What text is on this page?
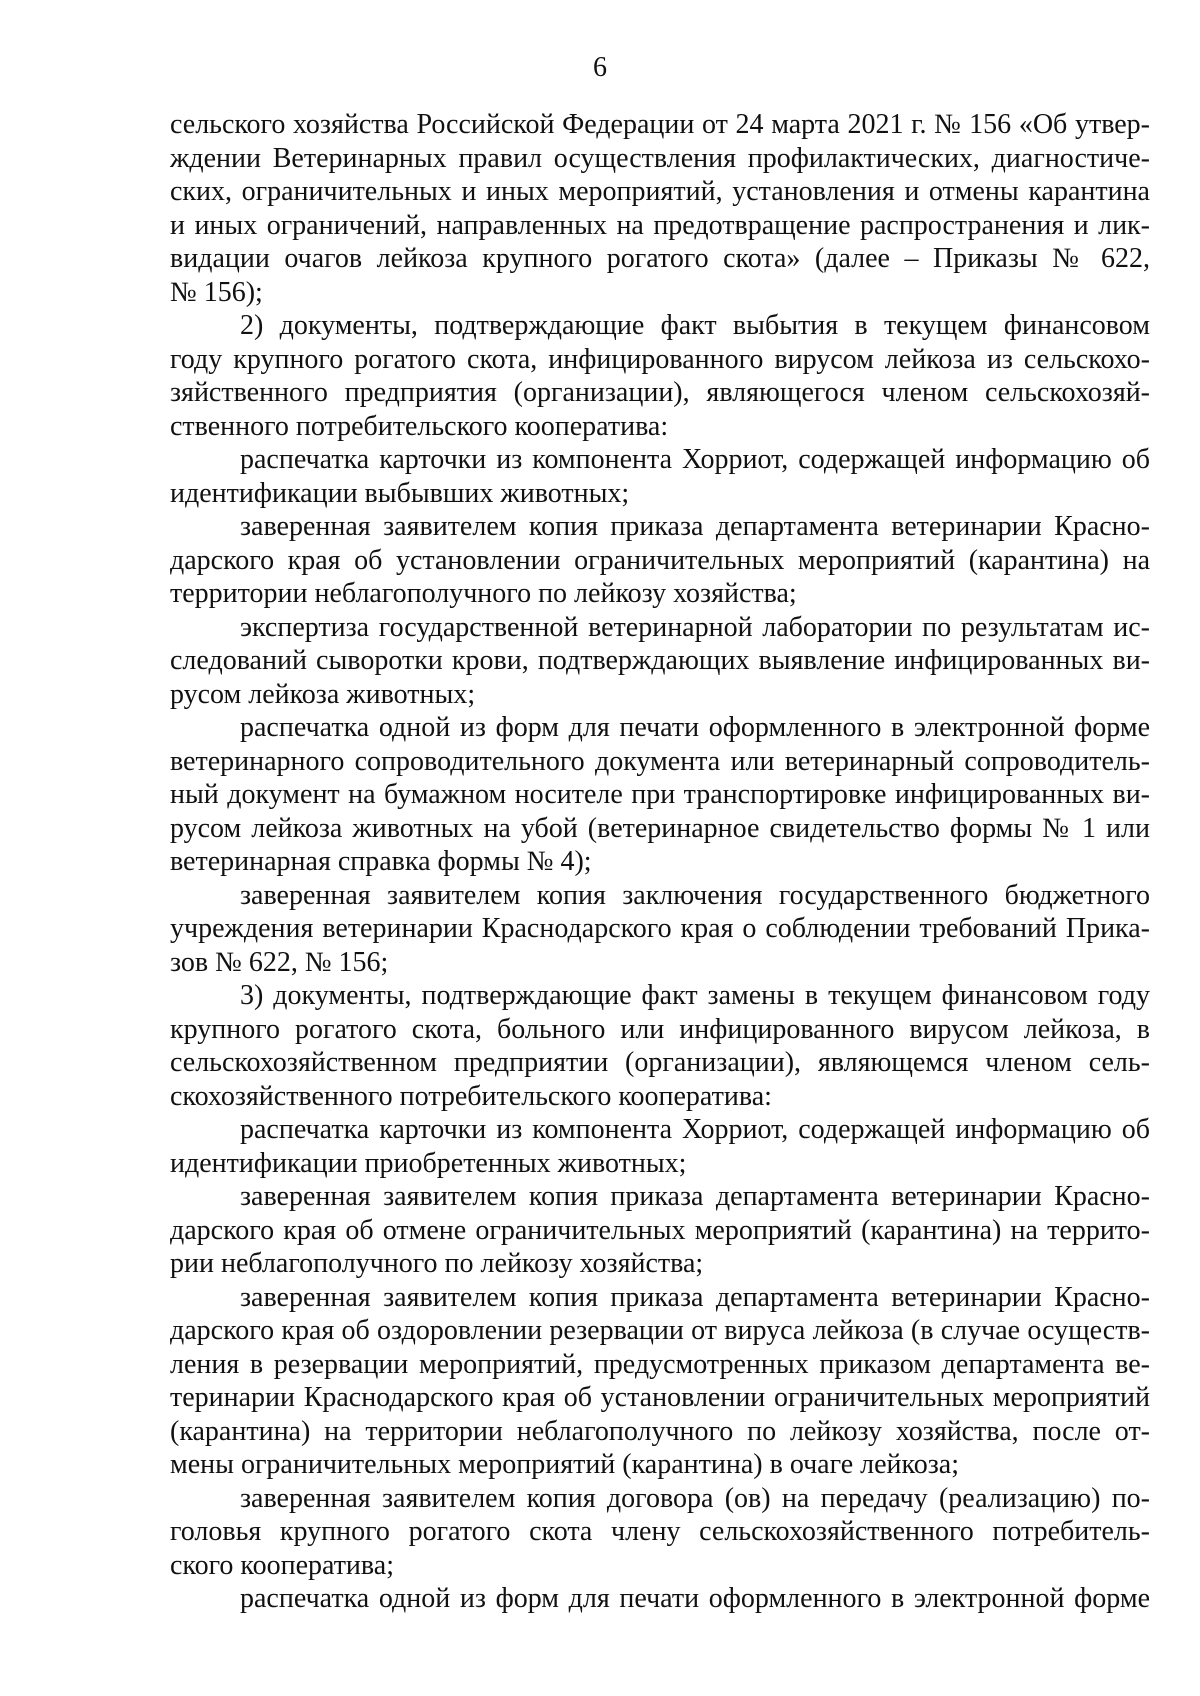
6

сельского хозяйства Российской Федерации от 24 марта 2021 г. № 156 «Об утвер-

ждении Ветеринарных правил осуществления профилактических, диагностиче-

ских, ограничительных и иных мероприятий, установления и отмены карантина

и иных ограничений, направленных на предотвращение распространения и лик-

видации очагов лейкоза крупного рогатого скота» (далее – Приказы № 622,

№ 156);

2) документы, подтверждающие факт выбытия в текущем финансовом

году крупного рогатого скота, инфицированного вирусом лейкоза из сельскохо-

зяйственного предприятия (организации), являющегося членом сельскохозяй-

ственного потребительского кооператива:

распечатка карточки из компонента Хорриот, содержащей информацию об

идентификации выбывших животных;

заверенная заявителем копия приказа департамента ветеринарии Красно-

дарского края об установлении ограничительных мероприятий (карантина) на

территории неблагополучного по лейкозу хозяйства;

экспертиза государственной ветеринарной лаборатории по результатам ис-

следований сыворотки крови, подтверждающих выявление инфицированных ви-

русом лейкоза животных;

распечатка одной из форм для печати оформленного в электронной форме

ветеринарного сопроводительного документа или ветеринарный сопроводитель-

ный документ на бумажном носителе при транспортировке инфицированных ви-

русом лейкоза животных на убой (ветеринарное свидетельство формы № 1 или

ветеринарная справка формы № 4);

заверенная заявителем копия заключения государственного бюджетного

учреждения ветеринарии Краснодарского края о соблюдении требований Прика-

зов № 622, № 156;

3) документы, подтверждающие факт замены в текущем финансовом году

крупного рогатого скота, больного или инфицированного вирусом лейкоза, в

сельскохозяйственном предприятии (организации), являющемся членом сель-

скохозяйственного потребительского кооператива:

распечатка карточки из компонента Хорриот, содержащей информацию об

идентификации приобретенных животных;

заверенная заявителем копия приказа департамента ветеринарии Красно-

дарского края об отмене ограничительных мероприятий (карантина) на террито-

рии неблагополучного по лейкозу хозяйства;

заверенная заявителем копия приказа департамента ветеринарии Красно-

дарского края об оздоровлении резервации от вируса лейкоза (в случае осуществ-

ления в резервации мероприятий, предусмотренных приказом департамента ве-

теринарии Краснодарского края об установлении ограничительных мероприятий

(карантина) на территории неблагополучного по лейкозу хозяйства, после от-

мены ограничительных мероприятий (карантина) в очаге лейкоза;

заверенная заявителем копия договора (ов) на передачу (реализацию) по-

головья крупного рогатого скота члену сельскохозяйственного потребитель-

ского кооператива;

распечатка одной из форм для печати оформленного в электронной форме
